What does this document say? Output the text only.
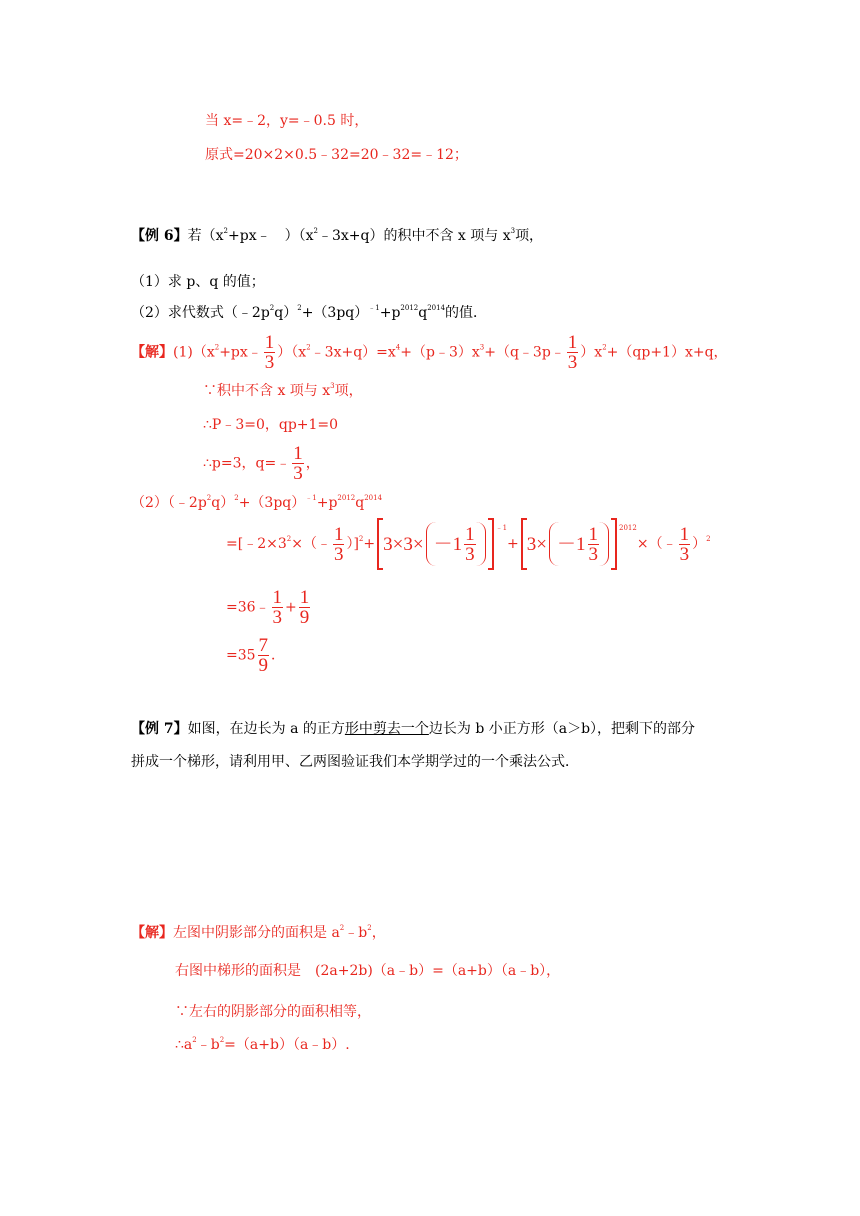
当 x=﹣2，y=﹣0.5 时，
原式=20×2×0.5﹣32=20﹣32=﹣12；
【例 6】若（$x^2+px﹣$　）$(x^2﹣3x+q)$的积中不含 x 项与 $x^3$项，
（1）求 p、q 的值；
（2）求代数式$(﹣2p^2q)^2+(3pq)^{﹣1}+p^{2012}q^{2014}$的值．
【解】$(1)(x^2+px﹣ \frac{1}{3}$ ）$(x^2﹣3x+q)=x^4+(p﹣3)x^3+(q﹣3p﹣ \frac{1}{3} )x^2+(qp+1)x+q$，
∵积中不含 x 项与 $x^3$项，
∴P﹣3=0，qp+1=0
∴p=3，q=﹣ $\frac{1}{3}$ ，
$(2)(﹣2p^2q)^2+(3pq)^{﹣1}+p^{2012}q^{2014}$
$=[﹣2\times 3^2\times(﹣ \frac{1}{3} )]^2+ 3\times 3\times -1$ 1
3
$^{﹣1}$+ 3× －1 1
3
$^{2012}$×（﹣ $\frac{1}{3} )^2$
=36﹣ $\frac{1}{3} + \frac{1}{9}$
$=35 \frac{7}{9}$ ．
【例 7】如图，在边长为 a 的正方形中剪去一个边长为 b 小正方形（a＞b），把剩下的部分
拼成一个梯形，请利用甲、乙两图验证我们本学期学过的一个乘法公式．
【解】左图中阴影部分的面积是 $a^2﹣b^2$，
右图中梯形的面积是　(2a+2b)（a﹣b）=（a+b）（a﹣b），
∵左右的阴影部分的面积相等，
$\therefore a^2﹣b^2=(a+b)(a﹣b)$.
